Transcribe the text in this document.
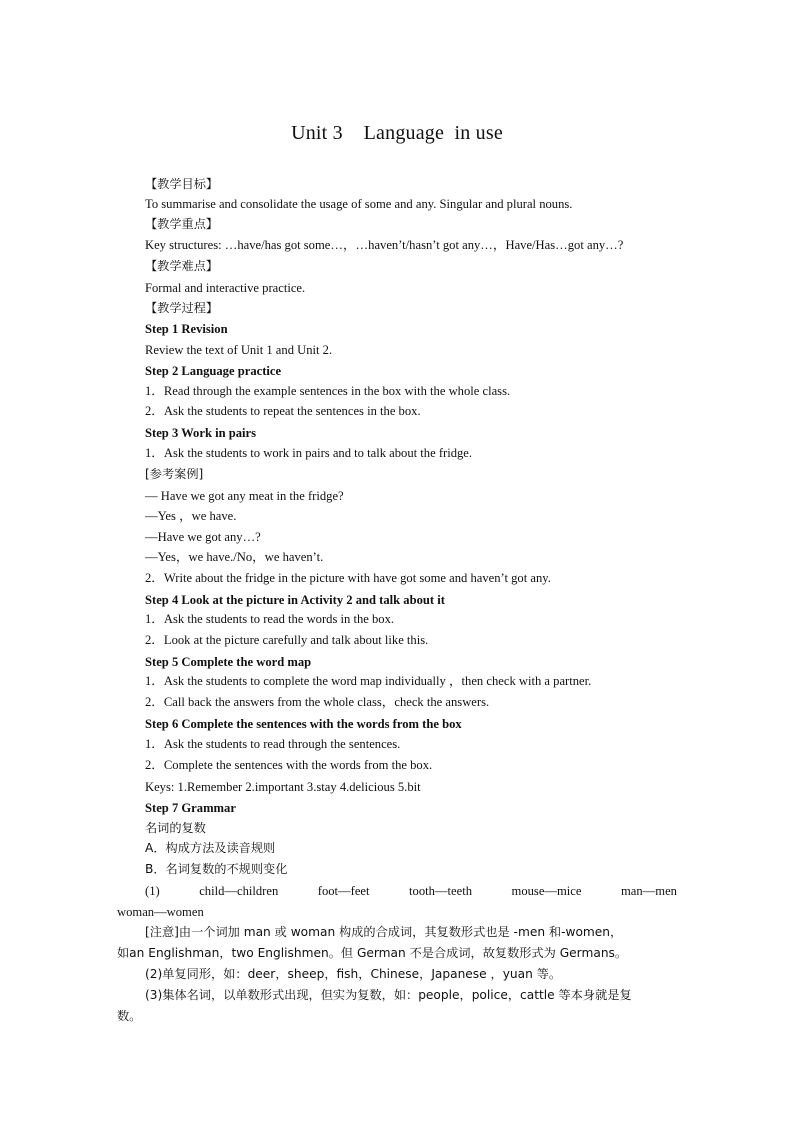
Unit 3    Language  in use
【教学目标】
To summarise and consolidate the usage of some and any. Singular and plural nouns.
【教学重点】
Key structures: …have/has got some…，…haven’t/hasn’t got any…，Have/Has…got any…?
【教学难点】
Formal and interactive practice.
【教学过程】
Step 1 Revision
Review the text of Unit 1 and Unit 2.
Step 2 Language practice
1．Read through the example sentences in the box with the whole class.
2．Ask the students to repeat the sentences in the box.
Step 3 Work in pairs
1．Ask the students to work in pairs and to talk about the fridge.
[参考案例]
— Have we got any meat in the fridge?
—Yes ，we have.
—Have we got any…?
—Yes，we have./No，we haven’t.
2．Write about the fridge in the picture with have got some and haven’t got any.
Step 4 Look at the picture in Activity 2 and talk about it
1．Ask the students to read the words in the box.
2．Look at the picture carefully and talk about like this.
Step 5 Complete the word map
1．Ask the students to complete the word map individually ，then check with a partner.
2．Call back the answers from the whole class，check the answers.
Step 6 Complete the sentences with the words from the box
1．Ask the students to read through the sentences.
2．Complete the sentences with the words from the box.
Keys: 1.Remember 2.important 3.stay 4.delicious 5.bit
Step 7 Grammar
名词的复数
A．构成方法及读音规则
B．名词复数的不规则变化
(1)	child—children	foot—feet	tooth—teeth	mouse—mice	man—men
woman—women
[注意]由一个词加 man 或 woman 构成的合成词，其复数形式也是 -men 和-women，
如an Englishman，two Englishmen。但 German 不是合成词，故复数形式为 Germans。
(2)单复同形，如：deer，sheep，fish，Chinese，Japanese ，yuan 等。
(3)集体名词，以单数形式出现，但实为复数，如：people，police，cattle 等本身就是复
数。
